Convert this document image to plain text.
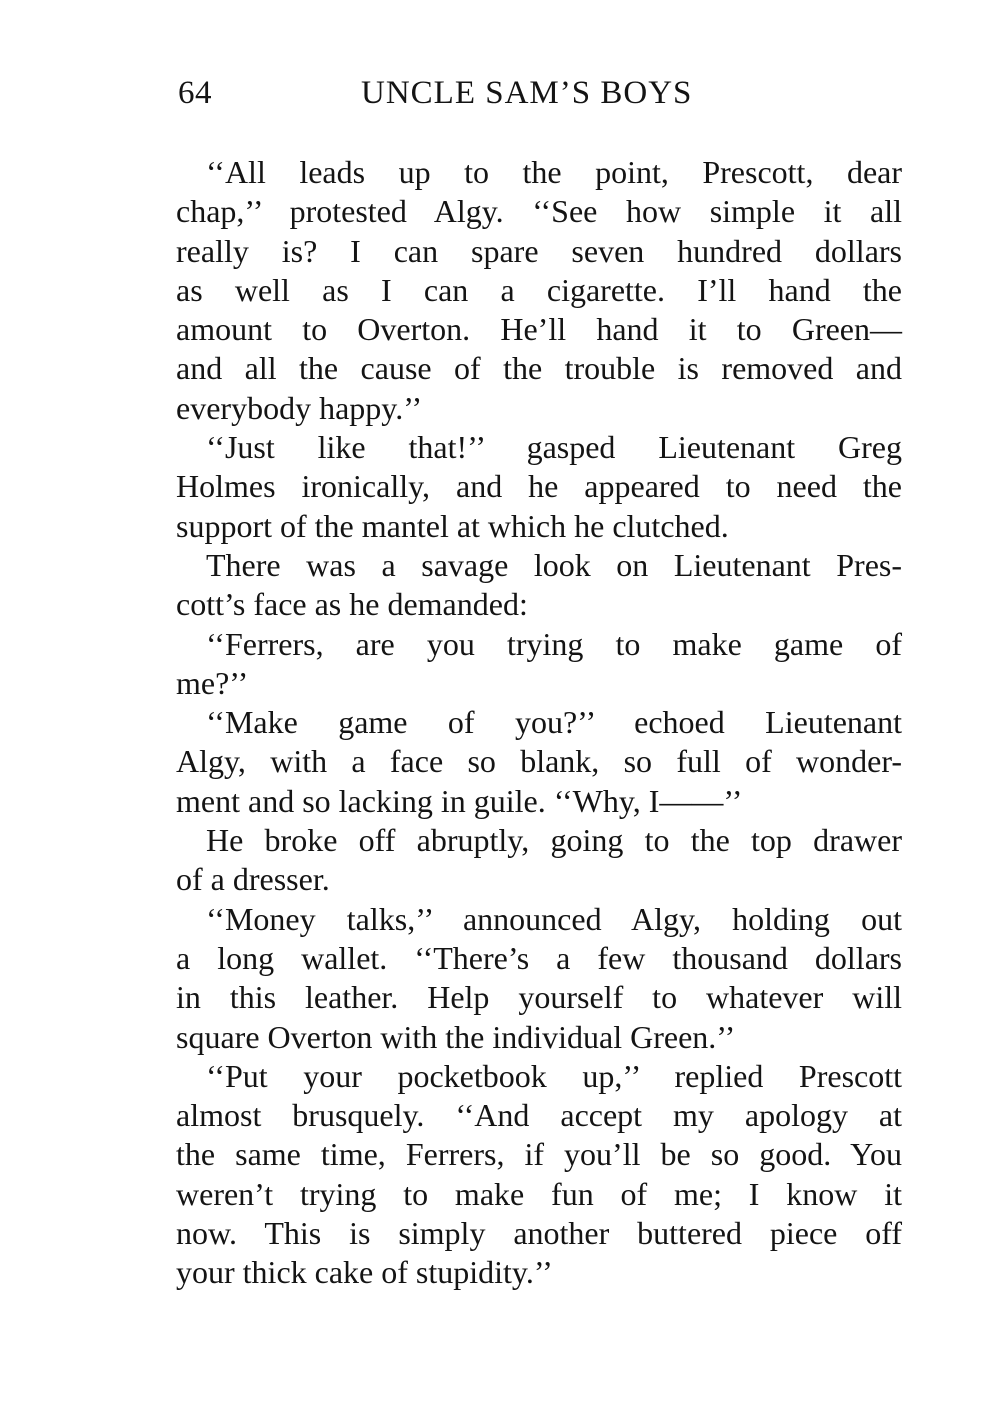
64	UNCLE SAM’S BOYS
‘‘All leads up to the point, Prescott, dear
chap,’’ protested Algy. ‘‘See how simple it all
really is? I can spare seven hundred dollars
as well as I can a cigarette. I’ll hand the
amount to Overton. He’ll hand it to Green—
and all the cause of the trouble is removed and
everybody happy.’’
‘‘Just like that!’’ gasped Lieutenant Greg
Holmes ironically, and he appeared to need the
support of the mantel at which he clutched.
There was a savage look on Lieutenant Pres-
cott’s face as he demanded:
‘‘Ferrers, are you trying to make game of
me?’’
‘‘Make game of you?’’ echoed Lieutenant
Algy, with a face so blank, so full of wonder-
ment and so lacking in guile. ‘‘Why, I——’’
He broke off abruptly, going to the top drawer
of a dresser.
‘‘Money talks,’’ announced Algy, holding out
a long wallet. ‘‘There’s a few thousand dollars
in this leather. Help yourself to whatever will
square Overton with the individual Green.’’
‘‘Put your pocketbook up,’’ replied Prescott
almost brusquely. ‘‘And accept my apology at
the same time, Ferrers, if you’ll be so good. You
weren’t trying to make fun of me; I know it
now. This is simply another buttered piece off
your thick cake of stupidity.’’
